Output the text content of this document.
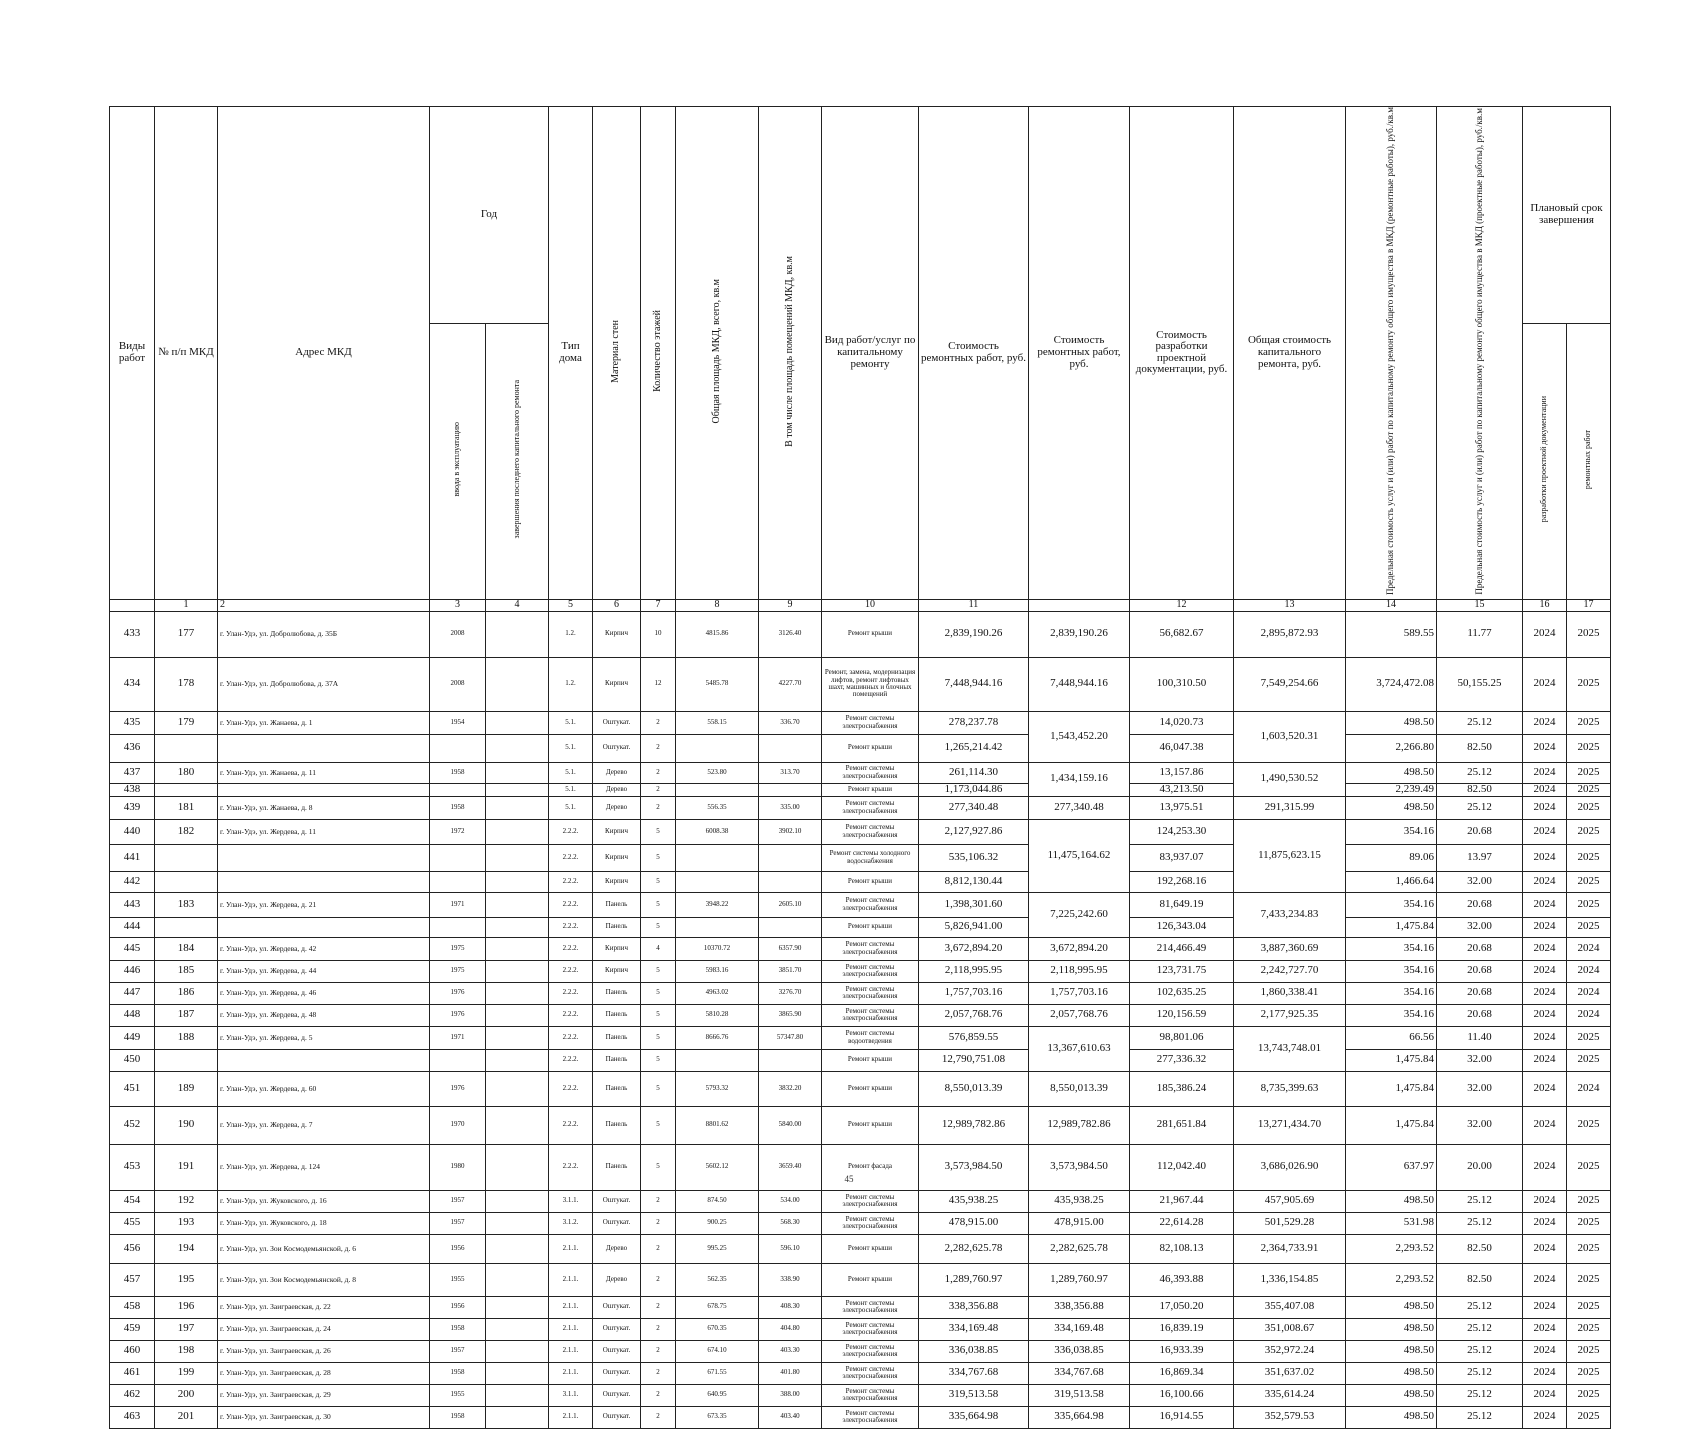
Виды работ	№ п/п МКД	Адрес МКД	Год		Тип дома	Материал стен	Количество этажей	Общая площадь МКД, всего, кв.м	В том числе площадь помещений МКД, кв.м	Вид работ/услуг по капитальному ремонту	Стоимость ремонтных работ, руб.	Стоимость ремонтных работ, руб.	Стоимость разработки проектной документации, руб.	Общая стоимость капитального ремонта, руб.	Предельная стоимость услуг и (или) работ по капитальному ремонту общего имущества в МКД (ремонтные работы), руб./кв.м	Предельная стоимость услуг и (или) работ по капитальному ремонту общего имущества в МКД (проектные работы), руб./кв.м	Плановый срок завершения	
			ввода в эксплуатацию	завершения последнего капитального ремонта													разработки проектной документации	ремонтных работ
	1	2	3	4	5	6	7	8	9	10	11		12	13	14	15	16	17
433	177	г. Улан-Удэ, ул. Добролюбова, д. 35Б	2008		1.2.	Кирпич	10	4815.86	3126.40	Ремонт крыши	2,839,190.26	2,839,190.26	56,682.67	2,895,872.93	589.55	11.77	2024	2025
434	178	г. Улан-Удэ, ул. Добролюбова, д. 37А	2008		1.2.	Кирпич	12	5485.78	4227.70	Ремонт, замена, модернизация лифтов, ремонт лифтовых шахт, машинных и блочных помещений	7,448,944.16	7,448,944.16	100,310.50	7,549,254.66	3,724,472.08	50,155.25	2024	2025
435	179	г. Улан-Удэ, ул. Жанаева, д. 1	1954		5.1.	Оштукат.	2	558.15	336.70	Ремонт системы электроснабжения	278,237.78	1,543,452.20	14,020.73	1,603,520.31	498.50	25.12	2024	2025
436					5.1.	Оштукат.	2			Ремонт крыши	1,265,214.42		46,047.38		2,266.80	82.50	2024	2025
437	180	г. Улан-Удэ, ул. Жанаева, д. 11	1958		5.1.	Дерево	2	523.80	313.70	Ремонт системы электроснабжения	261,114.30	1,434,159.16	13,157.86	1,490,530.52	498.50	25.12	2024	2025
438					5.1.	Дерево	2			Ремонт крыши	1,173,044.86		43,213.50		2,239.49	82.50	2024	2025
439	181	г. Улан-Удэ, ул. Жанаева, д. 8	1958		5.1.	Дерево	2	556.35	335.00	Ремонт системы электроснабжения	277,340.48	277,340.48	13,975.51	291,315.99	498.50	25.12	2024	2025
440	182	г. Улан-Удэ, ул. Жердева, д. 11	1972		2.2.2.	Кирпич	5	6008.38	3902.10	Ремонт системы электроснабжения	2,127,927.86	11,475,164.62	124,253.30	11,875,623.15	354.16	20.68	2024	2025
441					2.2.2.	Кирпич	5			Ремонт системы холодного водоснабжения	535,106.32		83,937.07		89.06	13.97	2024	2025
442					2.2.2.	Кирпич	5			Ремонт крыши	8,812,130.44		192,268.16		1,466.64	32.00	2024	2025
443	183	г. Улан-Удэ, ул. Жердева, д. 21	1971		2.2.2.	Панель	5	3948.22	2605.10	Ремонт системы электроснабжения	1,398,301.60	7,225,242.60	81,649.19	7,433,234.83	354.16	20.68	2024	2025
444					2.2.2.	Панель	5			Ремонт крыши	5,826,941.00		126,343.04		1,475.84	32.00	2024	2025
445	184	г. Улан-Удэ, ул. Жердева, д. 42	1975		2.2.2.	Кирпич	4	10370.72	6357.90	Ремонт системы электроснабжения	3,672,894.20	3,672,894.20	214,466.49	3,887,360.69	354.16	20.68	2024	2024
446	185	г. Улан-Удэ, ул. Жердева, д. 44	1975		2.2.2.	Кирпич	5	5983.16	3851.70	Ремонт системы электроснабжения	2,118,995.95	2,118,995.95	123,731.75	2,242,727.70	354.16	20.68	2024	2024
447	186	г. Улан-Удэ, ул. Жердева, д. 46	1976		2.2.2.	Панель	5	4963.02	3276.70	Ремонт системы электроснабжения	1,757,703.16	1,757,703.16	102,635.25	1,860,338.41	354.16	20.68	2024	2024
448	187	г. Улан-Удэ, ул. Жердева, д. 48	1976		2.2.2.	Панель	5	5810.28	3865.90	Ремонт системы электроснабжения	2,057,768.76	2,057,768.76	120,156.59	2,177,925.35	354.16	20.68	2024	2024
449	188	г. Улан-Удэ, ул. Жердева, д. 5	1971		2.2.2.	Панель	5	8666.76	57347.80	Ремонт системы водоотведения	576,859.55	13,367,610.63	98,801.06	13,743,748.01	66.56	11.40	2024	2025
450					2.2.2.	Панель	5			Ремонт крыши	12,790,751.08		277,336.32		1,475.84	32.00	2024	2025
451	189	г. Улан-Удэ, ул. Жердева, д. 60	1976		2.2.2.	Панель	5	5793.32	3832.20	Ремонт крыши	8,550,013.39	8,550,013.39	185,386.24	8,735,399.63	1,475.84	32.00	2024	2024
452	190	г. Улан-Удэ, ул. Жердева, д. 7	1970		2.2.2.	Панель	5	8801.62	5840.00	Ремонт крыши	12,989,782.86	12,989,782.86	281,651.84	13,271,434.70	1,475.84	32.00	2024	2025
453	191	г. Улан-Удэ, ул. Жердева, д. 124	1980		2.2.2.	Панель	5	5602.12	3659.40	Ремонт фасада	3,573,984.50	3,573,984.50	112,042.40	3,686,026.90	637.97	20.00	2024	2025
454	192	г. Улан-Удэ, ул. Жуковского, д. 16	1957		3.1.1.	Оштукат.	2	874.50	534.00	Ремонт системы электроснабжения	435,938.25	435,938.25	21,967.44	457,905.69	498.50	25.12	2024	2025
455	193	г. Улан-Удэ, ул. Жуковского, д. 18	1957		3.1.2.	Оштукат.	2	900.25	568.30	Ремонт системы электроснабжения	478,915.00	478,915.00	22,614.28	501,529.28	531.98	25.12	2024	2025
456	194	г. Улан-Удэ, ул. Зои Космодемьянской, д. 6	1956		2.1.1.	Дерево	2	995.25	596.10	Ремонт крыши	2,282,625.78	2,282,625.78	82,108.13	2,364,733.91	2,293.52	82.50	2024	2025
457	195	г. Улан-Удэ, ул. Зои Космодемьянской, д. 8	1955		2.1.1.	Дерево	2	562.35	338.90	Ремонт крыши	1,289,760.97	1,289,760.97	46,393.88	1,336,154.85	2,293.52	82.50	2024	2025
458	196	г. Улан-Удэ, ул. Заиграевская, д. 22	1956		2.1.1.	Оштукат.	2	678.75	408.30	Ремонт системы электроснабжения	338,356.88	338,356.88	17,050.20	355,407.08	498.50	25.12	2024	2025
459	197	г. Улан-Удэ, ул. Заиграевская, д. 24	1958		2.1.1.	Оштукат.	2	670.35	404.80	Ремонт системы электроснабжения	334,169.48	334,169.48	16,839.19	351,008.67	498.50	25.12	2024	2025
460	198	г. Улан-Удэ, ул. Заиграевская, д. 26	1957		2.1.1.	Оштукат.	2	674.10	403.30	Ремонт системы электроснабжения	336,038.85	336,038.85	16,933.39	352,972.24	498.50	25.12	2024	2025
461	199	г. Улан-Удэ, ул. Заиграевская, д. 28	1958		2.1.1.	Оштукат.	2	671.55	401.80	Ремонт системы электроснабжения	334,767.68	334,767.68	16,869.34	351,637.02	498.50	25.12	2024	2025
462	200	г. Улан-Удэ, ул. Заиграевская, д. 29	1955		3.1.1.	Оштукат.	2	640.95	388.00	Ремонт системы электроснабжения	319,513.58	319,513.58	16,100.66	335,614.24	498.50	25.12	2024	2025
463	201	г. Улан-Удэ, ул. Заиграевская, д. 30	1958		2.1.1.	Оштукат.	2	673.35	403.40	Ремонт системы электроснабжения	335,664.98	335,664.98	16,914.55	352,579.53	498.50	25.12	2024	2025
45
